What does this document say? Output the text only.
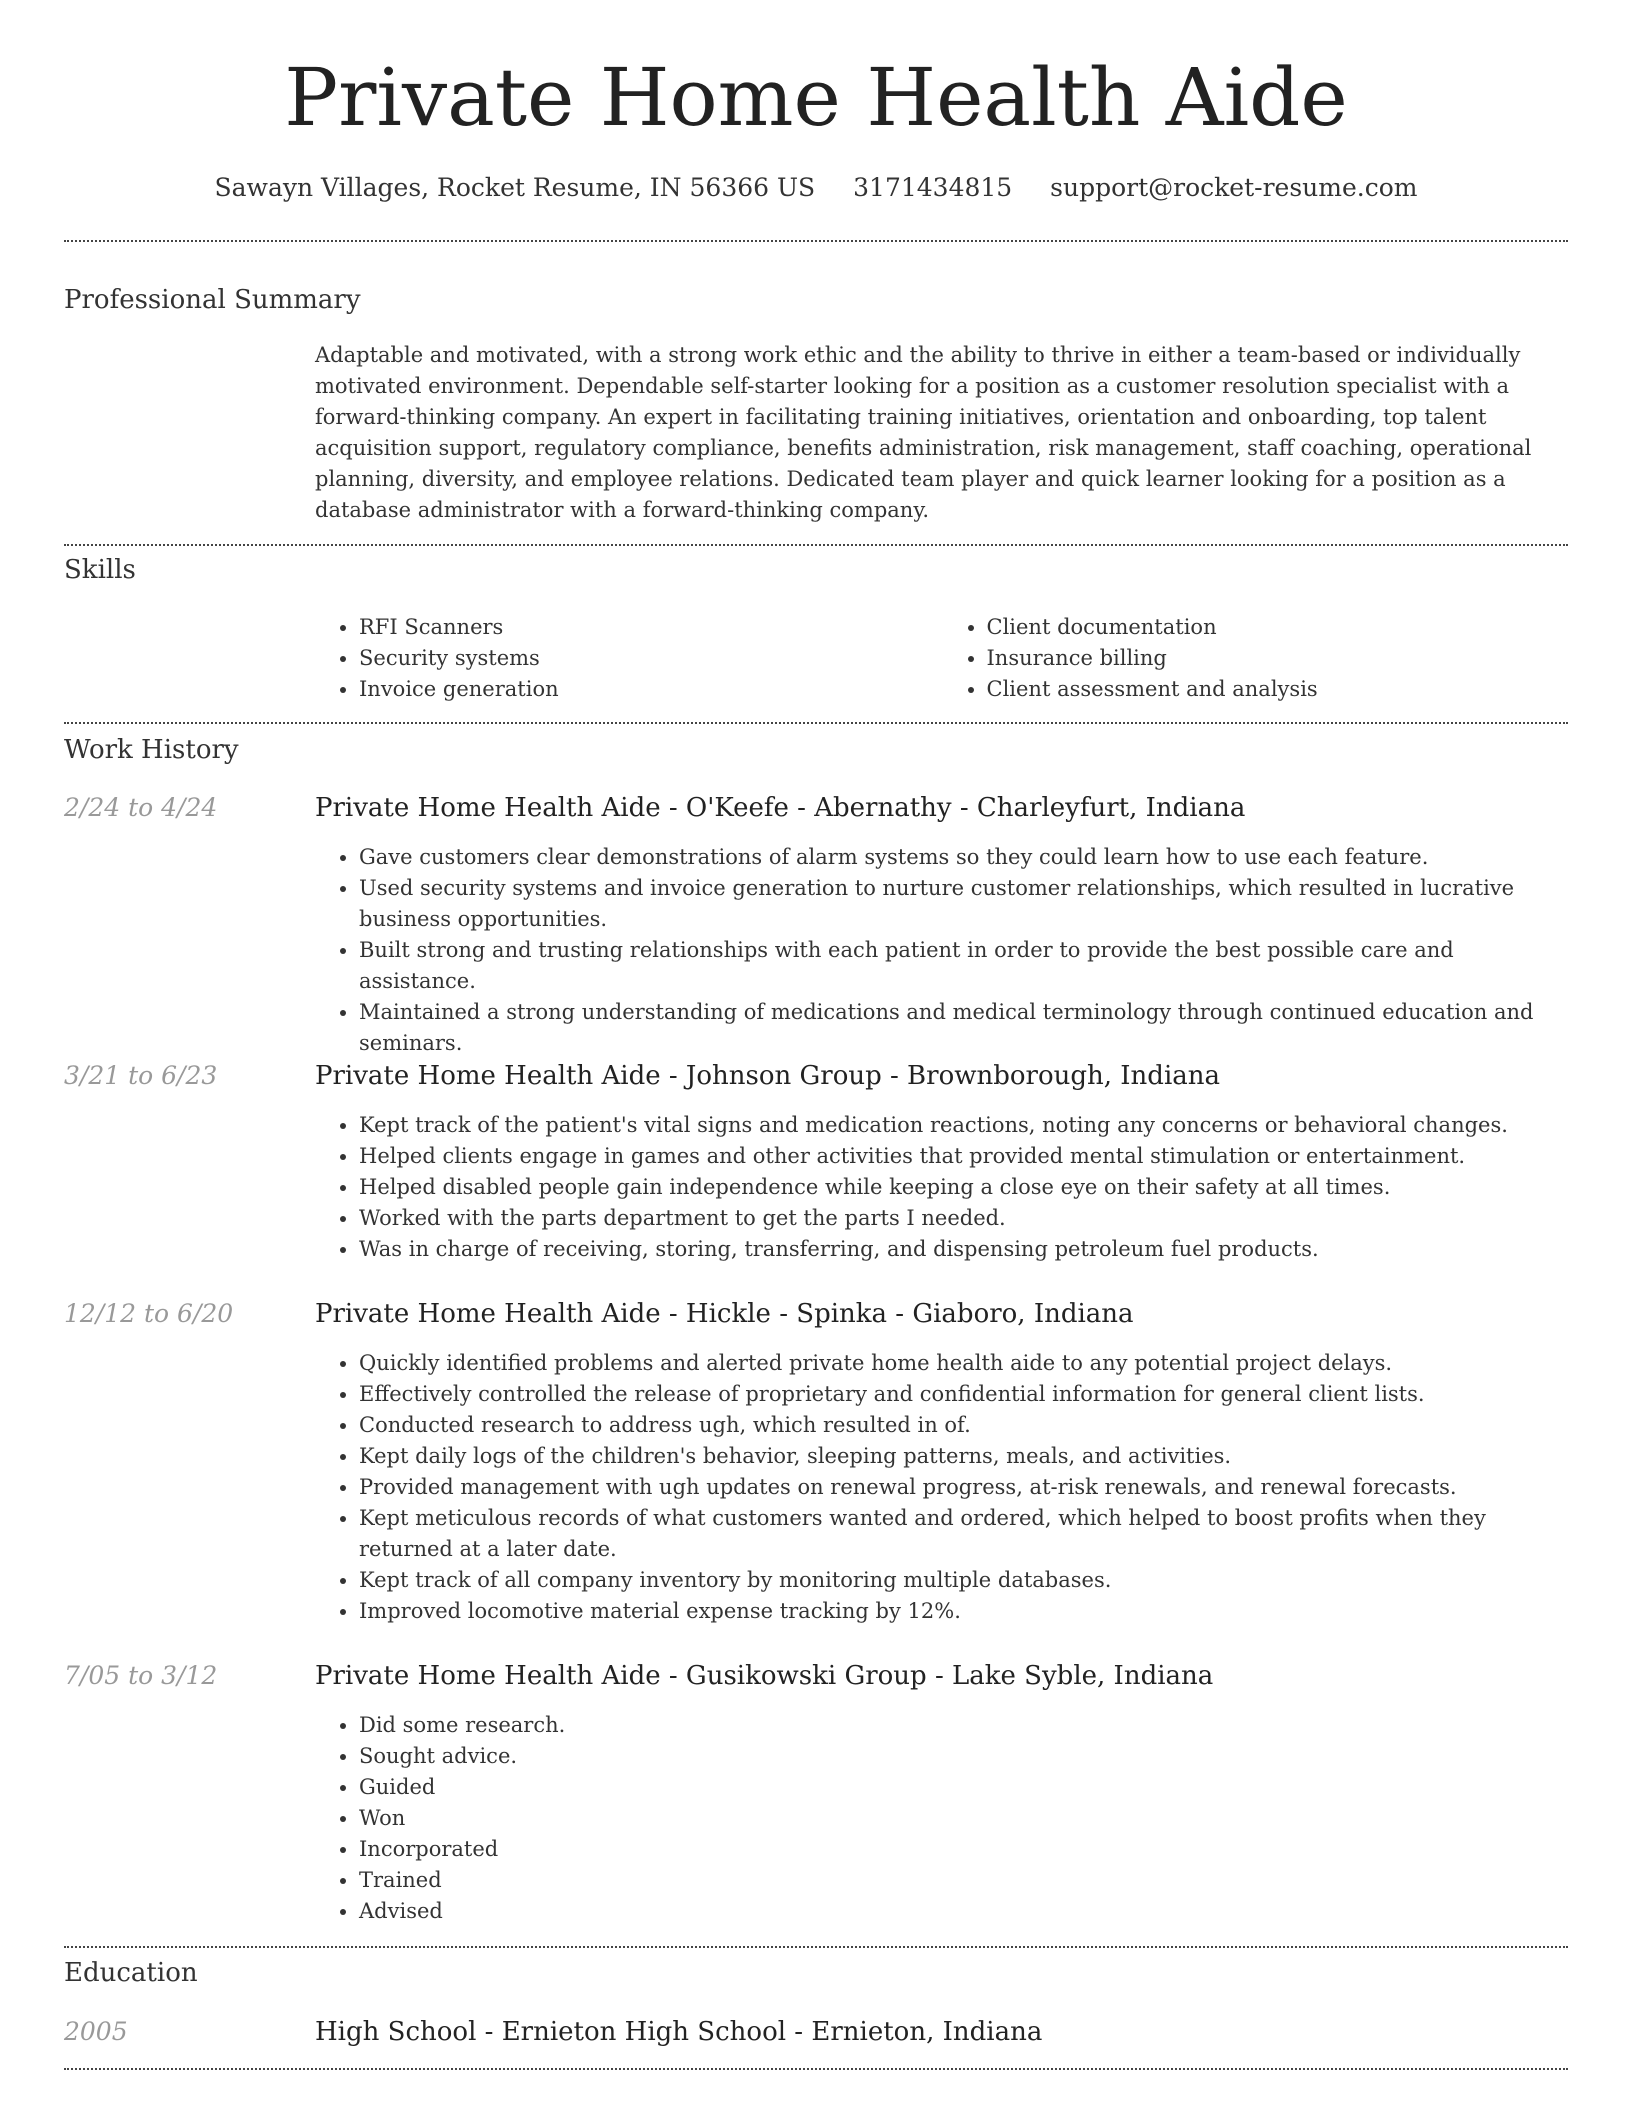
Private Home Health Aide
Sawayn Villages, Rocket Resume, IN 56366 US 3171434815 support@rocket-resume.com
Professional Summary

Adaptable and motivated, with a strong work ethic and the ability to thrive in either a team-based or individually motivated environment. Dependable self-starter looking for a position as a customer resolution specialist with a forward-thinking company. An expert in facilitating training initiatives, orientation and onboarding, top talent acquisition support, regulatory compliance, benefits administration, risk management, staff coaching, operational planning, diversity, and employee relations. Dedicated team player and quick learner looking for a position as a database administrator with a forward-thinking company.

Skills
• RFI Scanners
• Security systems
• Invoice generation
• Client documentation
• Insurance billing
• Client assessment and analysis
Work History
2/24 to 4/24	Private Home Health Aide - O'Keefe - Abernathy - Charleyfurt, Indiana
• Gave customers clear demonstrations of alarm systems so they could learn how to use each feature.
• Used security systems and invoice generation to nurture customer relationships, which resulted in lucrative business opportunities.
• Built strong and trusting relationships with each patient in order to provide the best possible care and assistance.
• Maintained a strong understanding of medications and medical terminology through continued education and seminars.
3/21 to 6/23	Private Home Health Aide - Johnson Group - Brownborough, Indiana
• Kept track of the patient's vital signs and medication reactions, noting any concerns or behavioral changes.
• Helped clients engage in games and other activities that provided mental stimulation or entertainment.
• Helped disabled people gain independence while keeping a close eye on their safety at all times.
• Worked with the parts department to get the parts I needed.
• Was in charge of receiving, storing, transferring, and dispensing petroleum fuel products.
12/12 to 6/20	Private Home Health Aide - Hickle - Spinka - Giaboro, Indiana
• Quickly identified problems and alerted private home health aide to any potential project delays.
• Effectively controlled the release of proprietary and confidential information for general client lists.
• Conducted research to address ugh, which resulted in of.
• Kept daily logs of the children's behavior, sleeping patterns, meals, and activities.
• Provided management with ugh updates on renewal progress, at-risk renewals, and renewal forecasts.
• Kept meticulous records of what customers wanted and ordered, which helped to boost profits when they returned at a later date.
• Kept track of all company inventory by monitoring multiple databases.
• Improved locomotive material expense tracking by 12%.
7/05 to 3/12	Private Home Health Aide - Gusikowski Group - Lake Syble, Indiana
• Did some research.
• Sought advice.
• Guided
• Won
• Incorporated
• Trained
• Advised
Education
2005	High School - Ernieton High School - Ernieton, Indiana
